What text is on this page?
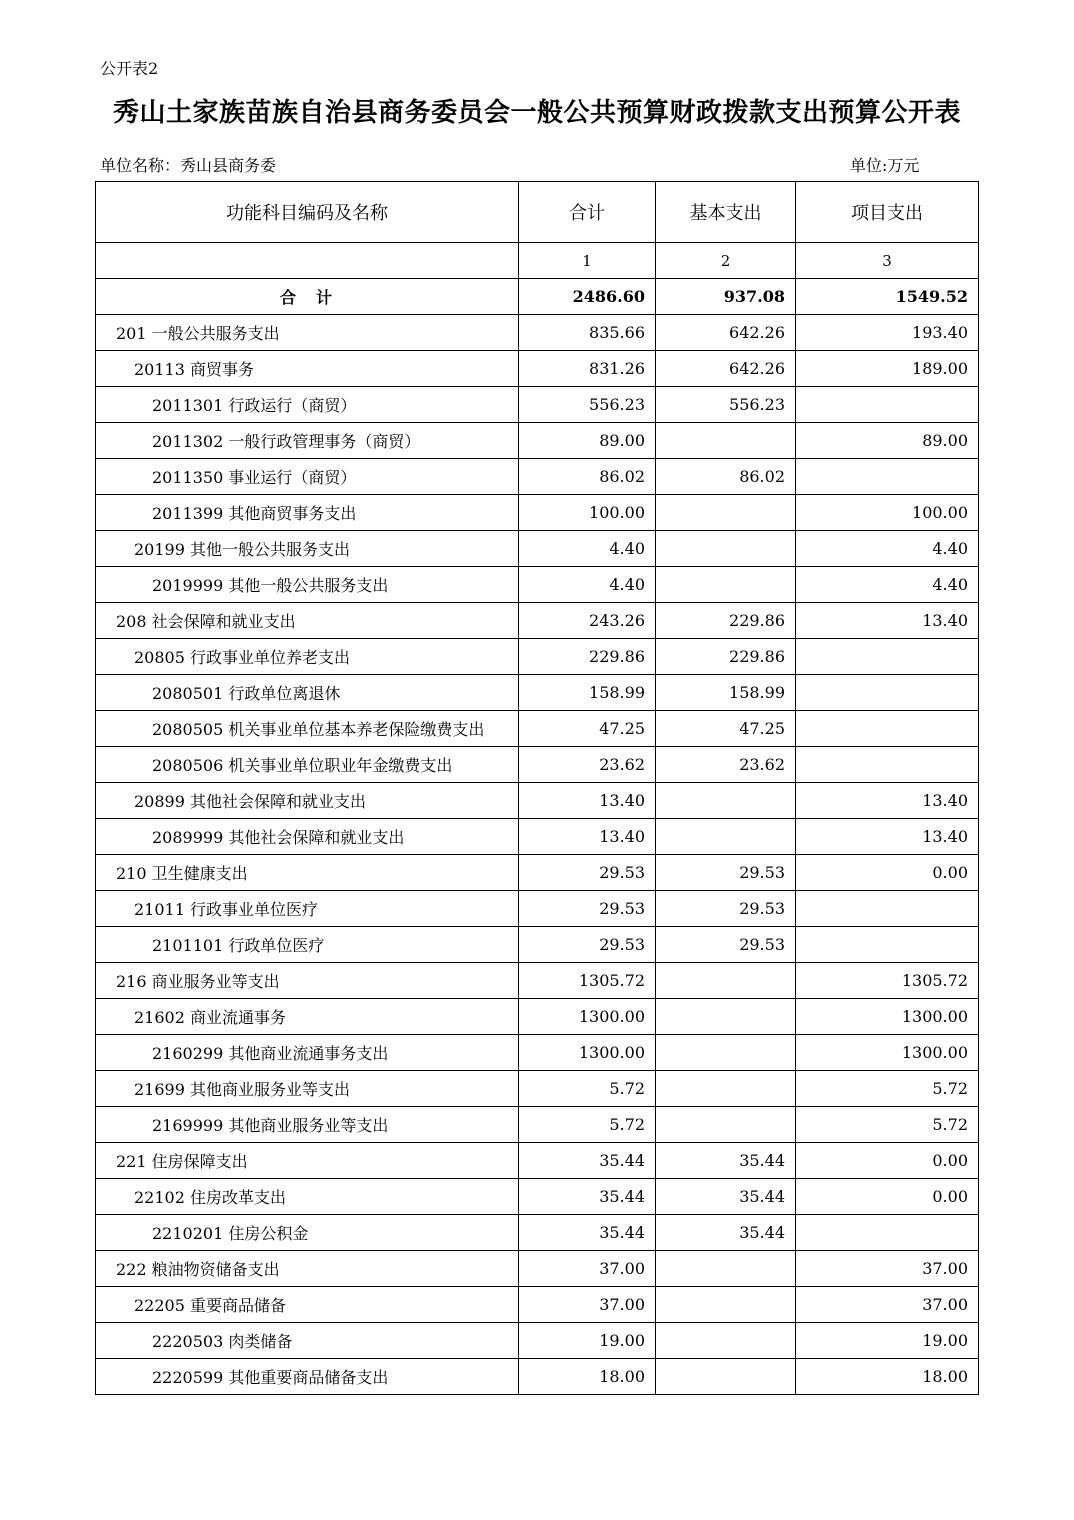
公开表2
秀山土家族苗族自治县商务委员会一般公共预算财政拨款支出预算公开表
单位名称：秀山县商务委	单位:万元
功能科目编码及名称	合计	基本支出	项目支出
	1	2	3
合　计	2486.60	937.08	1549.52
201 一般公共服务支出	835.66	642.26	193.40
20113 商贸事务	831.26	642.26	189.00
2011301 行政运行（商贸）	556.23	556.23	
2011302 一般行政管理事务（商贸）	89.00		89.00
2011350 事业运行（商贸）	86.02	86.02	
2011399 其他商贸事务支出	100.00		100.00
20199 其他一般公共服务支出	4.40		4.40
2019999 其他一般公共服务支出	4.40		4.40
208 社会保障和就业支出	243.26	229.86	13.40
20805 行政事业单位养老支出	229.86	229.86	
2080501 行政单位离退休	158.99	158.99	
2080505 机关事业单位基本养老保险缴费支出	47.25	47.25	
2080506 机关事业单位职业年金缴费支出	23.62	23.62	
20899 其他社会保障和就业支出	13.40		13.40
2089999 其他社会保障和就业支出	13.40		13.40
210 卫生健康支出	29.53	29.53	0.00
21011 行政事业单位医疗	29.53	29.53	
2101101 行政单位医疗	29.53	29.53	
216 商业服务业等支出	1305.72		1305.72
21602 商业流通事务	1300.00		1300.00
2160299 其他商业流通事务支出	1300.00		1300.00
21699 其他商业服务业等支出	5.72		5.72
2169999 其他商业服务业等支出	5.72		5.72
221 住房保障支出	35.44	35.44	0.00
22102 住房改革支出	35.44	35.44	0.00
2210201 住房公积金	35.44	35.44	
222 粮油物资储备支出	37.00		37.00
22205 重要商品储备	37.00		37.00
2220503 肉类储备	19.00		19.00
2220599 其他重要商品储备支出	18.00		18.00
